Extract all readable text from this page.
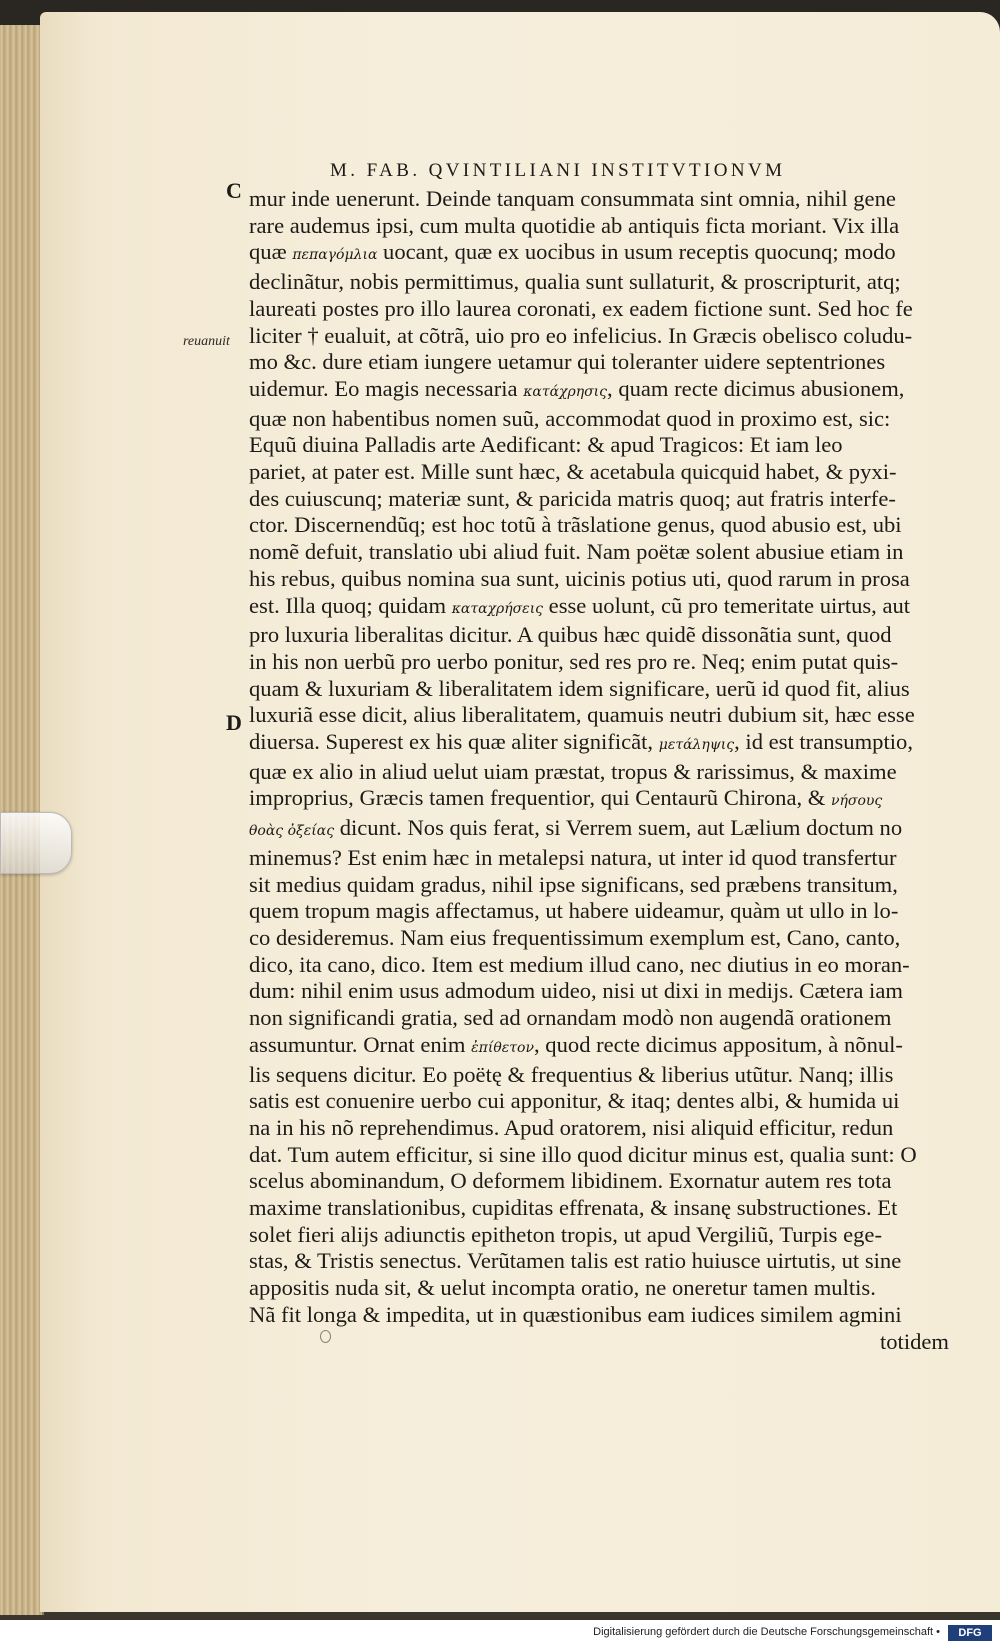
M. FAB. QVINTILIANI INSTITVTIONVM
C
D
reuanuit
mur inde uenerunt. Deinde tanquam consummata sint omnia, nihil gene
rare audemus ipsi, cum multa quotidie ab antiquis ficta moriant. Vix illa
quæ πεπαγόμλια uocant, quæ ex uocibus in usum receptis quocunq; modo
declinãtur, nobis permittimus, qualia sunt sullaturit, & proscripturit, atq;
laureati postes pro illo laurea coronati, ex eadem fictione sunt. Sed hoc fe
liciter † eualuit, at cõtrã, uio pro eo infelicius. In Græcis obelisco coludu-
mo &c. dure etiam iungere uetamur qui toleranter uidere septentriones
uidemur. Eo magis necessaria κατάχρησις, quam recte dicimus abusionem,
quæ non habentibus nomen suũ, accommodat quod in proximo est, sic:
Equũ diuina Palladis arte Aedificant: & apud Tragicos: Et iam leo
pariet, at pater est. Mille sunt hæc, & acetabula quicquid habet, & pyxi-
des cuiuscunq; materiæ sunt, & paricida matris quoq; aut fratris interfe-
ctor. Discernendũq; est hoc totũ à trãslatione genus, quod abusio est, ubi
nomẽ defuit, translatio ubi aliud fuit. Nam poëtæ solent abusiue etiam in
his rebus, quibus nomina sua sunt, uicinis potius uti, quod rarum in prosa
est. Illa quoq; quidam καταχρήσεις esse uolunt, cũ pro temeritate uirtus, aut
pro luxuria liberalitas dicitur. A quibus hæc quidẽ dissonãtia sunt, quod
in his non uerbũ pro uerbo ponitur, sed res pro re. Neq; enim putat quis-
quam & luxuriam & liberalitatem idem significare, uerũ id quod fit, alius
luxuriã esse dicit, alius liberalitatem, quamuis neutri dubium sit, hæc esse
diuersa. Superest ex his quæ aliter significãt, μετάληψις, id est transumptio,
quæ ex alio in aliud uelut uiam præstat, tropus & rarissimus, & maxime
improprius, Græcis tamen frequentior, qui Centaurũ Chirona, & νήσους
θοὰς ὀξείας dicunt. Nos quis ferat, si Verrem suem, aut Lælium doctum no
minemus? Est enim hæc in metalepsi natura, ut inter id quod transfertur
sit medius quidam gradus, nihil ipse significans, sed præbens transitum,
quem tropum magis affectamus, ut habere uideamur, quàm ut ullo in lo-
co desideremus. Nam eius frequentissimum exemplum est, Cano, canto,
dico, ita cano, dico. Item est medium illud cano, nec diutius in eo moran-
dum: nihil enim usus admodum uideo, nisi ut dixi in medijs. Cætera iam
non significandi gratia, sed ad ornandam modò non augendã orationem
assumuntur. Ornat enim ἐπίθετον, quod recte dicimus appositum, à nõnul-
lis sequens dicitur. Eo poëtę & frequentius & liberius utũtur. Nanq; illis
satis est conuenire uerbo cui apponitur, & itaq; dentes albi, & humida ui
na in his nõ reprehendimus. Apud oratorem, nisi aliquid efficitur, redun
dat. Tum autem efficitur, si sine illo quod dicitur minus est, qualia sunt: O
scelus abominandum, O deformem libidinem. Exornatur autem res tota
maxime translationibus, cupiditas effrenata, & insanę substructiones. Et
solet fieri alijs adiunctis epitheton tropis, ut apud Vergiliũ, Turpis ege-
stas, & Tristis senectus. Verũtamen talis est ratio huiusce uirtutis, ut sine
appositis nuda sit, & uelut incompta oratio, ne oneretur tamen multis.
Nã fit longa & impedita, ut in quæstionibus eam iudices similem agmini
totidem
Digitalisierung gefördert durch die Deutsche Forschungsgemeinschaft •	DFG
